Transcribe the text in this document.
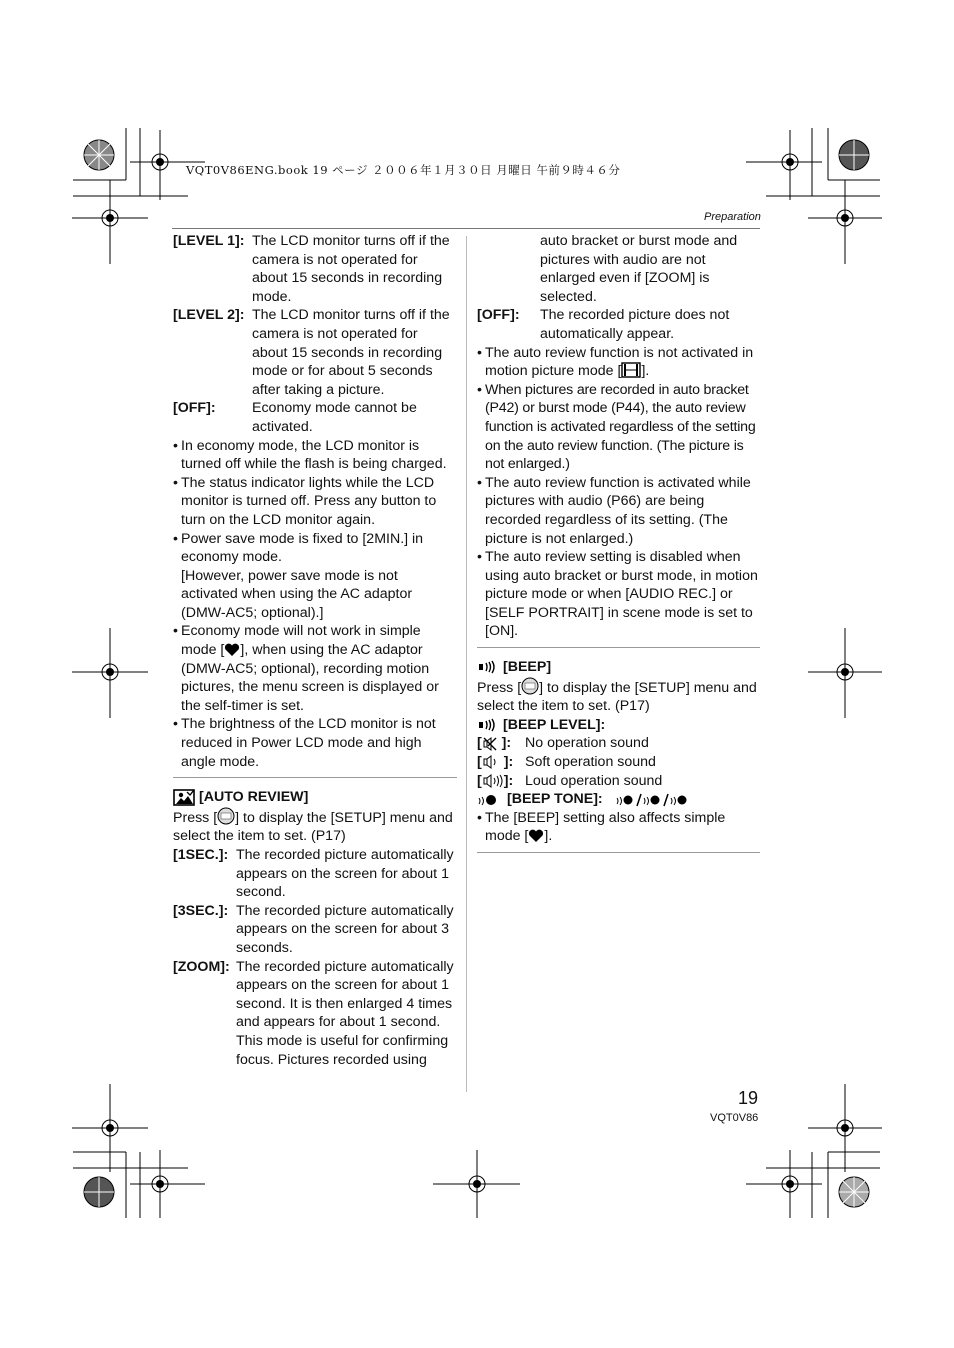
VQT0V86ENG.book 19 ページ ２００６年１月３０日 月曜日 午前９時４６分
Preparation
[LEVEL 1]: The LCD monitor turns off if the camera is not operated for about 15 seconds in recording mode.
[LEVEL 2]: The LCD monitor turns off if the camera is not operated for about 15 seconds in recording mode or for about 5 seconds after taking a picture.
[OFF]:	Economy mode cannot be activated.
• In economy mode, the LCD monitor is turned off while the flash is being charged.
• The status indicator lights while the LCD monitor is turned off. Press any button to turn on the LCD monitor again.
• Power save mode is fixed to [2MIN.] in economy mode.
[However, power save mode is not activated when using the AC adaptor (DMW-AC5; optional).]
• Economy mode will not work in simple mode [ ], when using the AC adaptor (DMW-AC5; optional), recording motion pictures, the menu screen is displayed or the self-timer is set.
• The brightness of the LCD monitor is not reduced in Power LCD mode and high angle mode.
[AUTO REVIEW]
Press [ ] to display the [SETUP] menu and select the item to set. (P17)
[1SEC.]: The recorded picture automatically appears on the screen for about 1 second.
[3SEC.]: The recorded picture automatically appears on the screen for about 3 seconds.
[ZOOM]: The recorded picture automatically appears on the screen for about 1 second. It is then enlarged 4 times and appears for about 1 second. This mode is useful for confirming focus. Pictures recorded using
auto bracket or burst mode and pictures with audio are not enlarged even if [ZOOM] is selected.
[OFF]:	The recorded picture does not automatically appear.
• The auto review function is not activated in motion picture mode [ ].
• When pictures are recorded in auto bracket (P42) or burst mode (P44), the auto review function is activated regardless of the setting on the auto review function. (The picture is not enlarged.)
• The auto review function is activated while pictures with audio (P66) are being recorded regardless of its setting. (The picture is not enlarged.)
• The auto review setting is disabled when using auto bracket or burst mode, in motion picture mode or when [AUDIO REC.] or [SELF PORTRAIT] in scene mode is set to [ON].
[BEEP]
Press [ ] to display the [SETUP] menu and select the item to set. (P17)
[BEEP LEVEL]:
[
]: No operation sound
[ ]: Soft operation sound
[ ]: Loud operation sound
[BEEP TONE]:
• The [BEEP] setting also affects simple mode [ ].
19
VQT0V86
